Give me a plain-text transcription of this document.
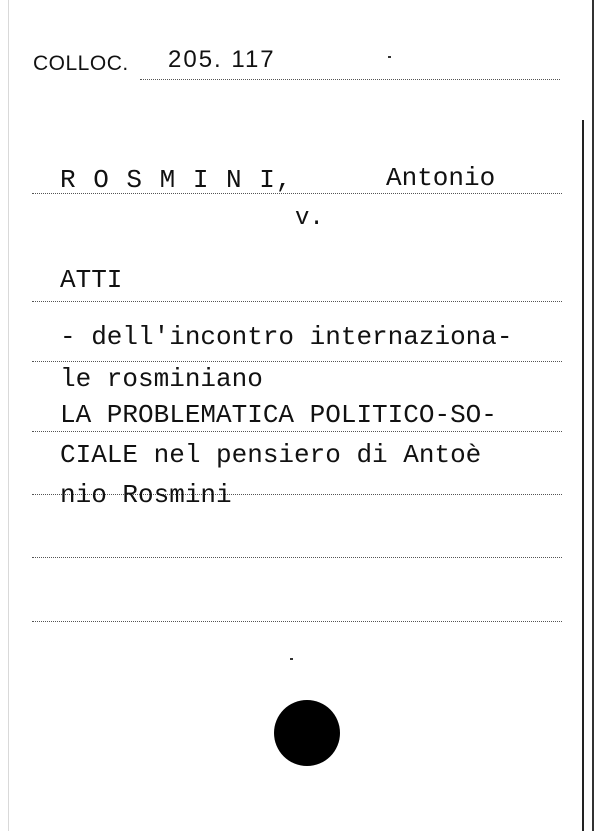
COLLOC. 205. 117
R O S M I N I,	Antonio
v.
ATTI
- dell'incontro internaziona-
le rosminiano
LA PROBLEMATICA POLITICO-SO-
CIALE nel pensiero di Antoè
nio Rosmini
